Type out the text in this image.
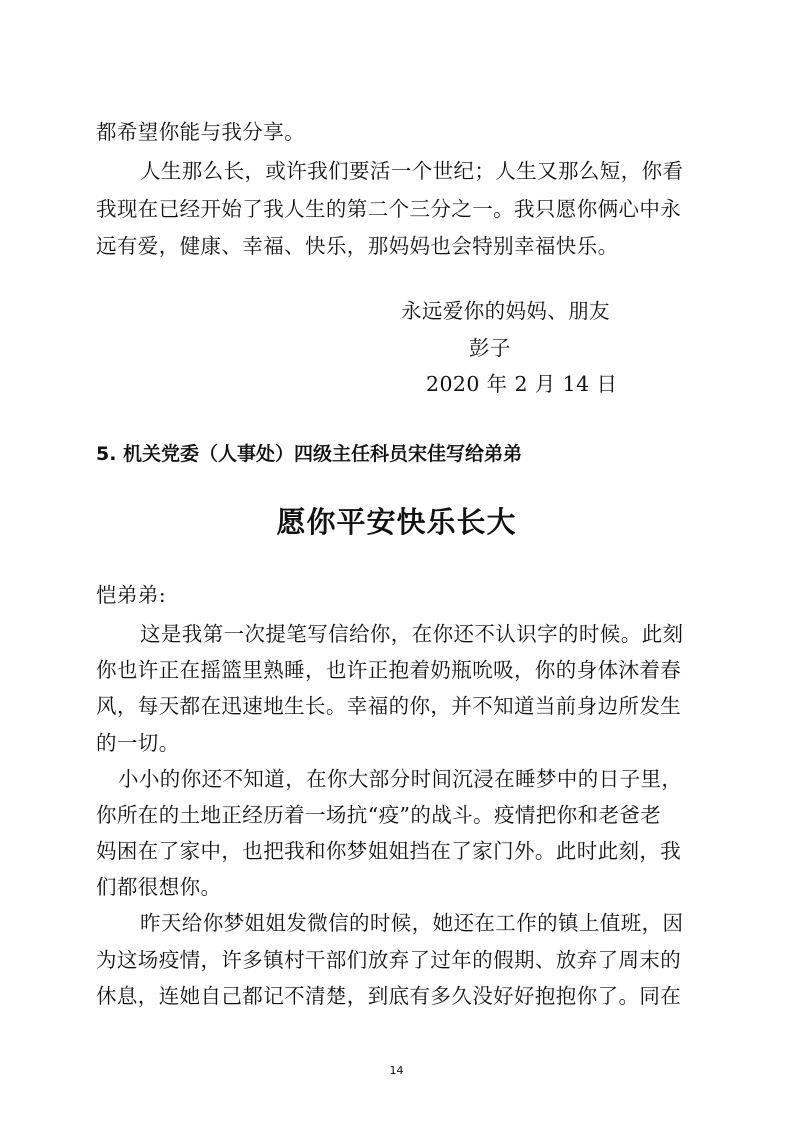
都希望你能与我分享。
人生那么长，或许我们要活一个世纪；人生又那么短，你看
我现在已经开始了我人生的第二个三分之一。我只愿你俩心中永
远有爱，健康、幸福、快乐，那妈妈也会特别幸福快乐。
永远爱你的妈妈、朋友
彭子
2020 年 2 月 14 日
5. 机关党委（人事处）四级主任科员宋佳写给弟弟
愿你平安快乐长大
恺弟弟:
这是我第一次提笔写信给你，在你还不认识字的时候。此刻
你也许正在摇篮里熟睡，也许正抱着奶瓶吮吸，你的身体沐着春
风，每天都在迅速地生长。幸福的你，并不知道当前身边所发生
的一切。
小小的你还不知道，在你大部分时间沉浸在睡梦中的日子里，
你所在的土地正经历着一场抗“疫”的战斗。疫情把你和老爸老
妈困在了家中，也把我和你梦姐姐挡在了家门外。此时此刻，我
们都很想你。
昨天给你梦姐姐发微信的时候，她还在工作的镇上值班，因
为这场疫情，许多镇村干部们放弃了过年的假期、放弃了周末的
休息，连她自己都记不清楚，到底有多久没好好抱抱你了。同在
14
